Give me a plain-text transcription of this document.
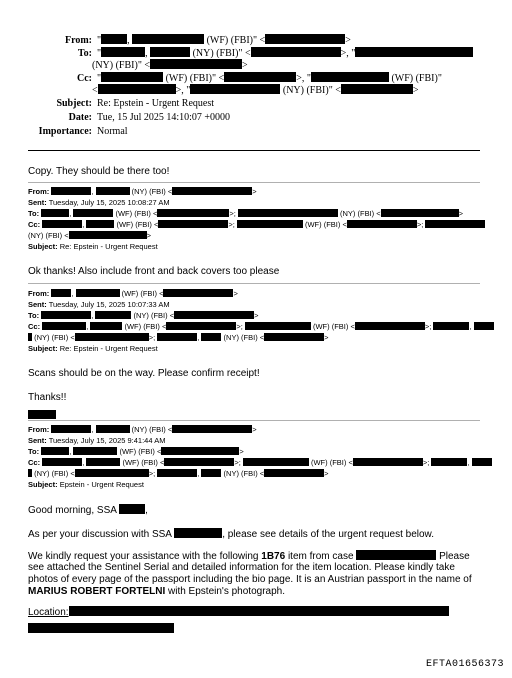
From:  "	,	(WF) (FBI)" <	>
To:  "	,	(NY) (FBI)" <	>, "
(NY) (FBI)" <	>
Cc:  "	(WF) (FBI)" <	>, "	(WF) (FBI)"
<	>, "	(NY) (FBI)" <	>
Subject: Re: Epstein - Urgent Request
Date: Tue, 15 Jul 2025 14:10:07 +0000
Importance: Normal
Copy. They should be there too!
From:	,	(NY) (FBI) <	>
Sent: Tuesday, July 15, 2025 10:08:27 AM
To:	,	(WF) (FBI) <	>;	(NY) (FBI) <	>
Cc:	,	(WF) (FBI) <	>;	(WF) (FBI) <	>;
(NY) (FBI) <	>
Subject: Re: Epstein - Urgent Request
Ok thanks! Also include front and back covers too please
From:	,	(WF) (FBI) <	>
Sent: Tuesday, July 15, 2025 10:07:33 AM
To:	,	(NY) (FBI) <	>
Cc:	,	(WF) (FBI) <	>;	(WF) (FBI) <	>;	,
(NY) (FBI) <	>;	,	(NY) (FBI) <	>
Subject: Re: Epstein - Urgent Request
Scans should be on the way. Please confirm receipt!
Thanks!!
From:	,	(NY) (FBI) <	>
Sent: Tuesday, July 15, 2025 9:41:44 AM
To:	,	(WF) (FBI) <	>
Cc:	,	(WF) (FBI) <	>;	(WF) (FBI) <	>;	,
(NY) (FBI) <	>;	,	(NY) (FBI) <	>
Subject: Epstein - Urgent Request
Good morning, SSA	,
As per your discussion with SSA	, please see details of the urgent request below.
We kindly request your assistance with the following 1B76 item from case	Please
see attached the Sentinel Serial and detailed information for the item location. Please kindly take
photos of every page of the passport including the bio page. It is an Austrian passport in the name of
MARIUS ROBERT FORTELNI with Epstein's photograph.
Location:
EFTA01656373
